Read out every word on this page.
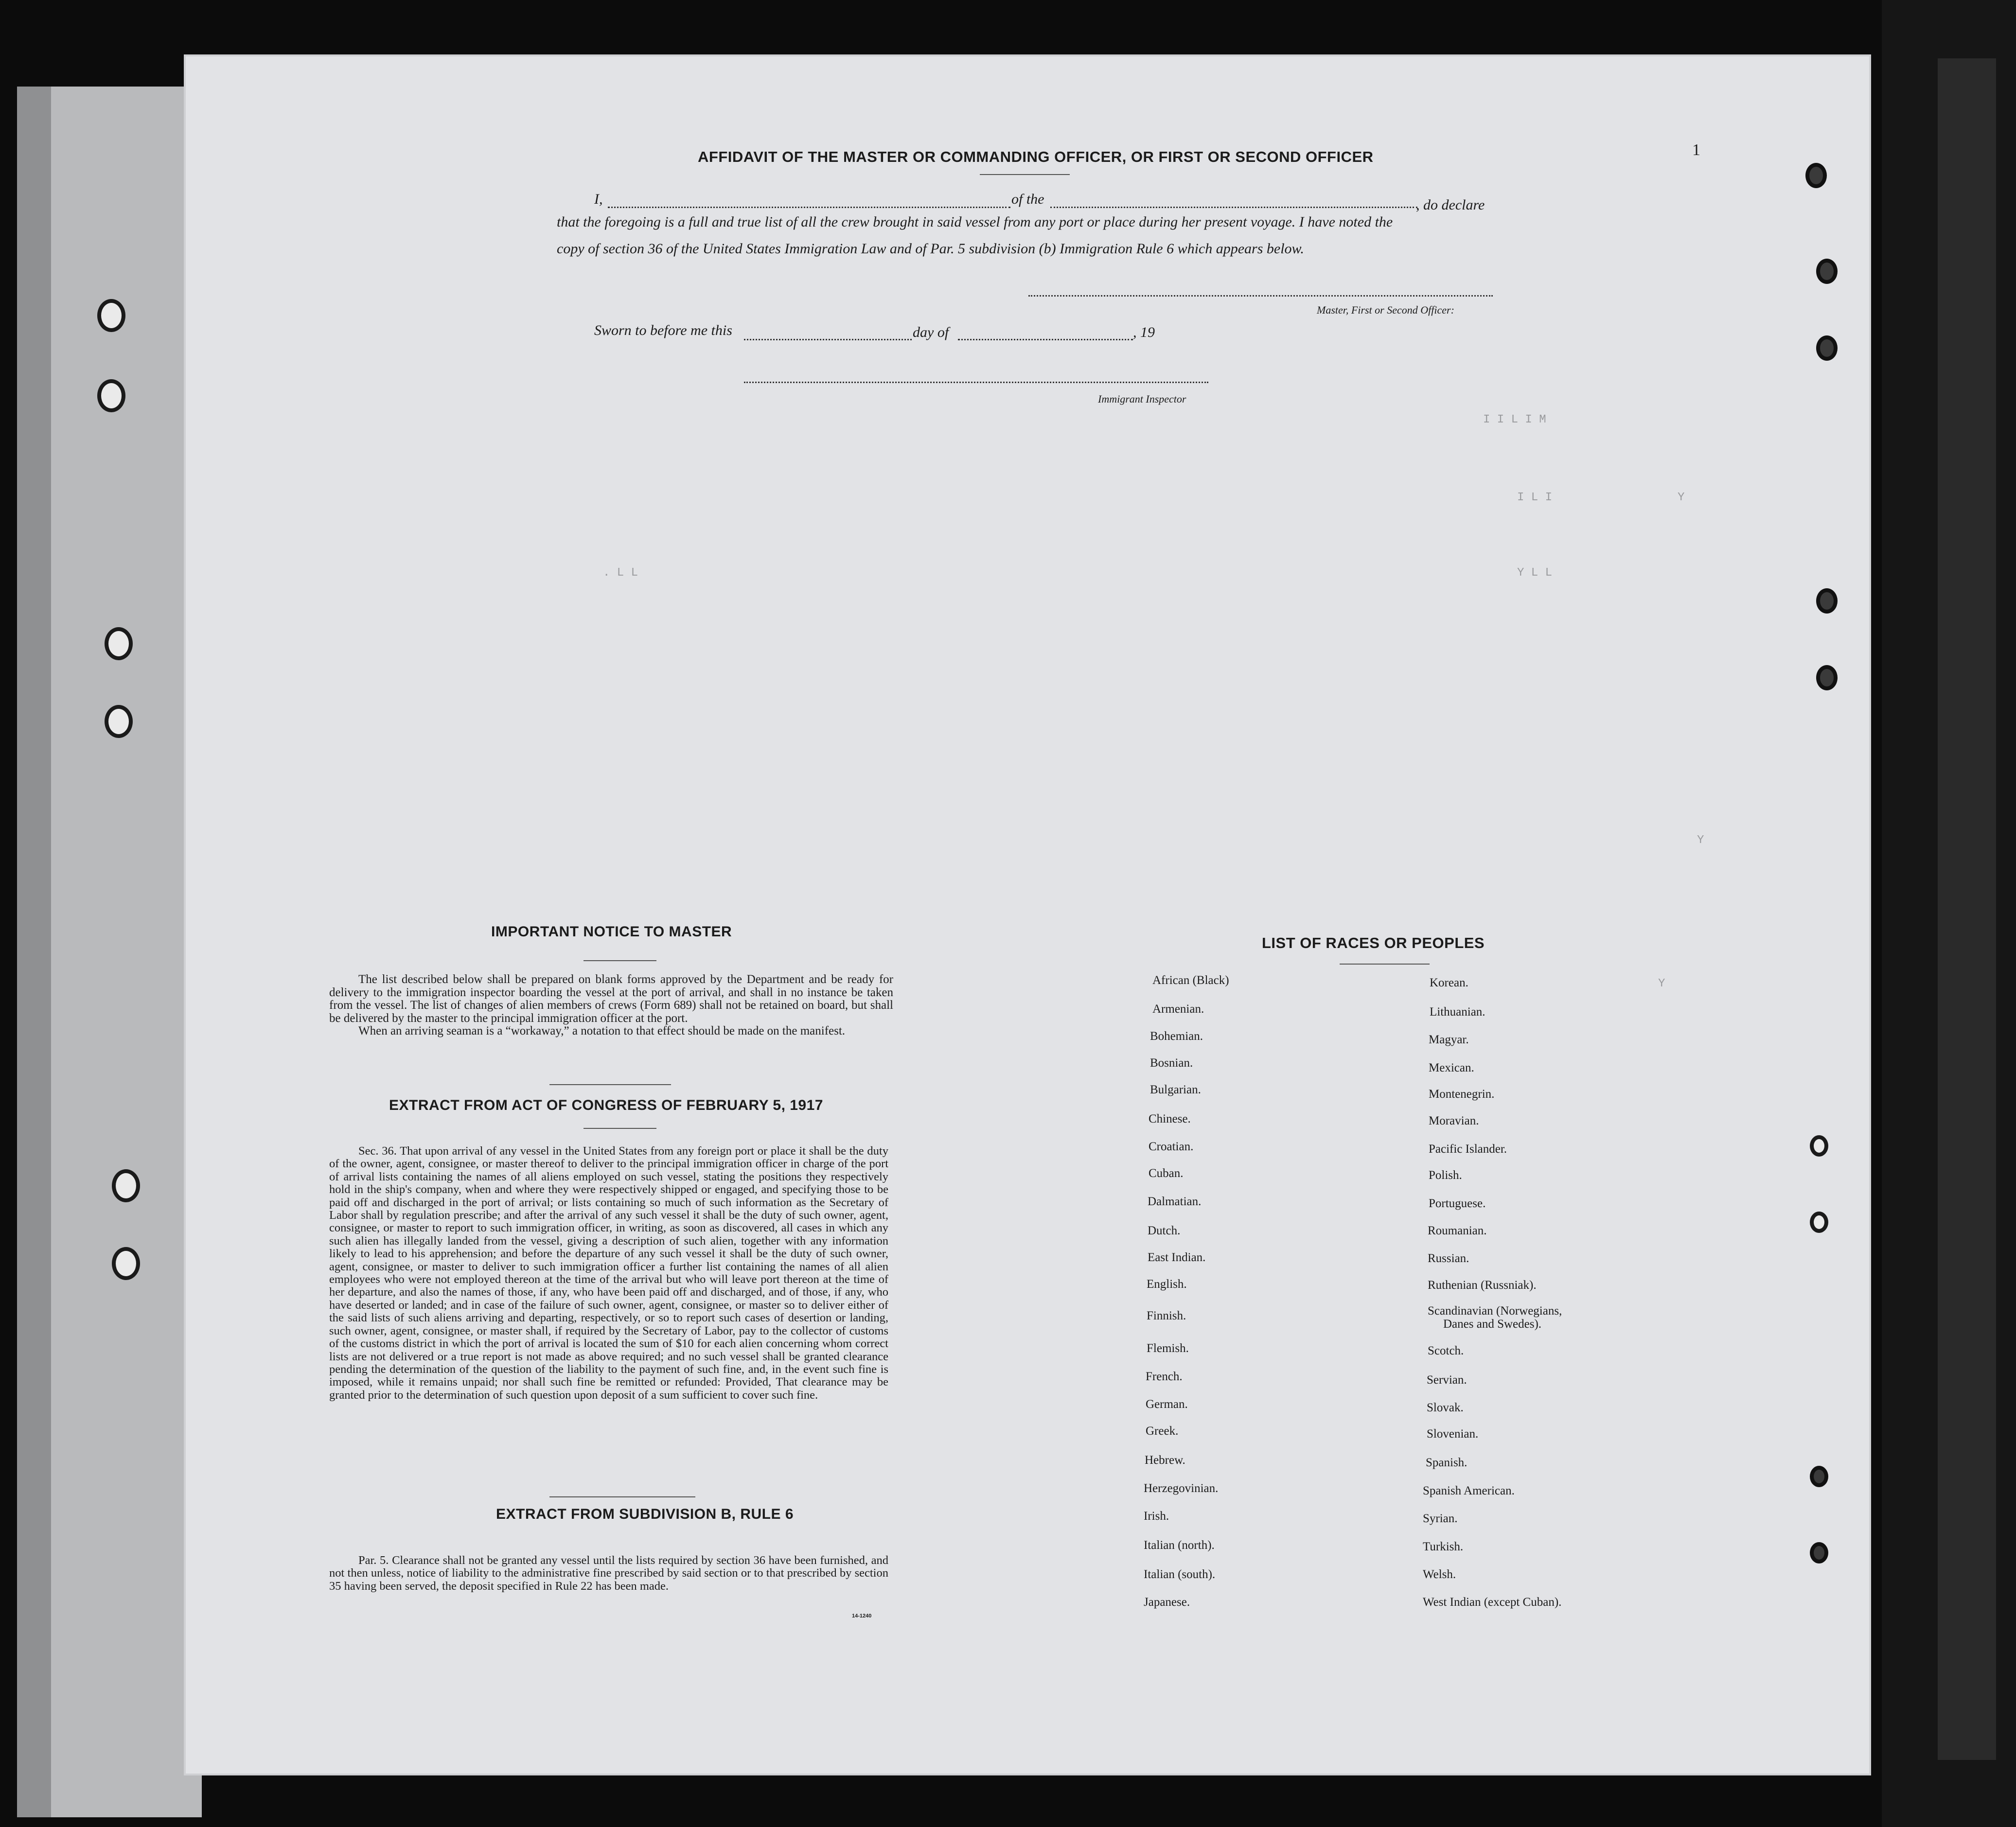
I I L I M
I L I
Y L L
Y
Y
Y
. L L
AFFIDAVIT OF THE MASTER OR COMMANDING OFFICER, OR FIRST OR SECOND OFFICER	1
I,	of the	, do declare
that the foregoing is a full and true list of all the crew brought in said vessel from any port or place during her present voyage. I have noted the
copy of section 36 of the United States Immigration Law and of Par. 5 subdivision (b) Immigration Rule 6 which appears below.
Master, First or Second Officer:
Sworn to before me this	day of	, 19
Immigrant Inspector
IMPORTANT NOTICE TO MASTER

The list described below shall be prepared on blank forms approved by the Department and be ready for delivery to the immigration inspector boarding the vessel at the port of arrival, and shall in no instance be taken from the vessel. The list of changes of alien members of crews (Form 689) shall not be retained on board, but shall be delivered by the master to the principal immigration officer at the port.

When an arriving seaman is a “workaway,” a notation to that effect should be made on the manifest.

EXTRACT FROM ACT OF CONGRESS OF FEBRUARY 5, 1917

Sec. 36. That upon arrival of any vessel in the United States from any foreign port or place it shall be the duty of the owner, agent, consignee, or master thereof to deliver to the principal immigration officer in charge of the port of arrival lists containing the names of all aliens employed on such vessel, stating the positions they respectively hold in the ship's company, when and where they were respectively shipped or engaged, and specifying those to be paid off and discharged in the port of arrival; or lists containing so much of such information as the Secretary of Labor shall by regulation prescribe; and after the arrival of any such vessel it shall be the duty of such owner, agent, consignee, or master to report to such immigration officer, in writing, as soon as discovered, all cases in which any such alien has illegally landed from the vessel, giving a description of such alien, together with any information likely to lead to his apprehension; and before the departure of any such vessel it shall be the duty of such owner, agent, consignee, or master to deliver to such immigration officer a further list containing the names of all alien employees who were not employed thereon at the time of the arrival but who will leave port thereon at the time of her departure, and also the names of those, if any, who have been paid off and discharged, and of those, if any, who have deserted or landed; and in case of the failure of such owner, agent, consignee, or master so to deliver either of the said lists of such aliens arriving and departing, respectively, or so to report such cases of desertion or landing, such owner, agent, consignee, or master shall, if required by the Secretary of Labor, pay to the collector of customs of the customs district in which the port of arrival is located the sum of $10 for each alien concerning whom correct lists are not delivered or a true report is not made as above required; and no such vessel shall be granted clearance pending the determination of the question of the liability to the payment of such fine, and, in the event such fine is imposed, while it remains unpaid; nor shall such fine be remitted or refunded: Provided, That clearance may be granted prior to the determination of such question upon deposit of a sum sufficient to cover such fine.

EXTRACT FROM SUBDIVISION B, RULE 6

Par. 5. Clearance shall not be granted any vessel until the lists required by section 36 have been furnished, and not then unless, notice of liability to the administrative fine prescribed by said section or to that prescribed by section 35 having been served, the deposit specified in Rule 22 has been made.

14-1240
LIST OF RACES OR PEOPLES
African (Black)
Armenian.
Bohemian.
Bosnian.
Bulgarian.
Chinese.
Croatian.
Cuban.
Dalmatian.
Dutch.
East Indian.
English.
Finnish.
Flemish.
French.
German.
Greek.
Hebrew.
Herzegovinian.
Irish.
Italian (north).
Italian (south).
Japanese.
Korean.
Lithuanian.
Magyar.
Mexican.
Montenegrin.
Moravian.
Pacific Islander.
Polish.
Portuguese.
Roumanian.
Russian.
Ruthenian (Russniak).
Scandinavian (Norwegians,
Danes and Swedes).
Scotch.
Servian.
Slovak.
Slovenian.
Spanish.
Spanish American.
Syrian.
Turkish.
Welsh.
West Indian (except Cuban).
